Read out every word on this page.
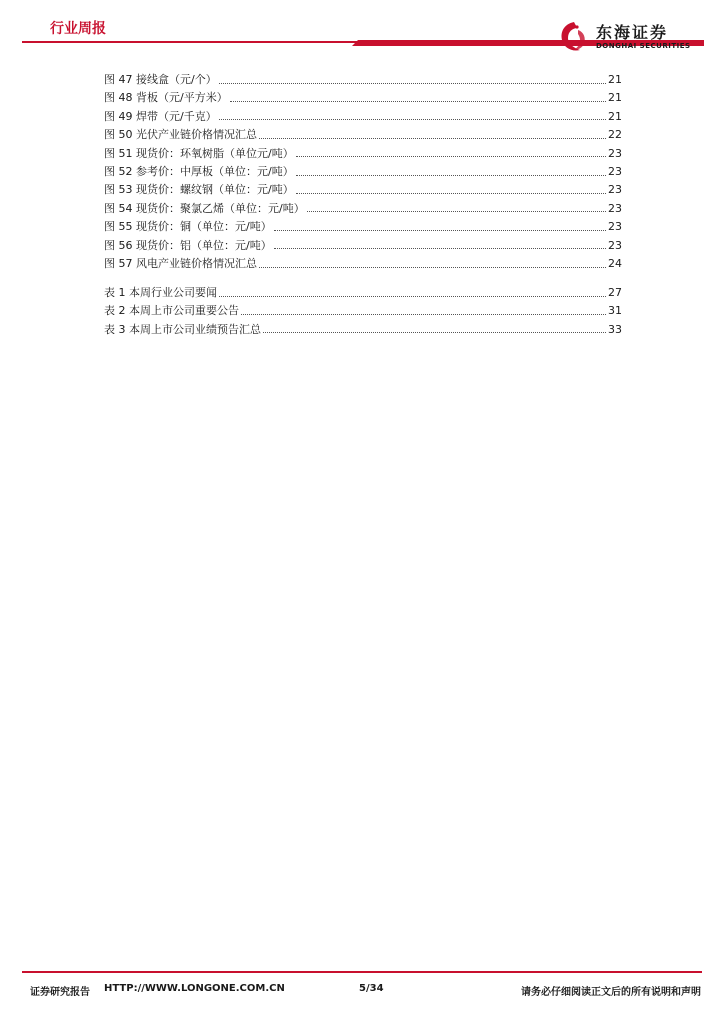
行业周报	东海证券
DONGHAI SECURITIES
图 47 接线盒（元/个）	21
图 48 背板（元/平方米）	21
图 49 焊带（元/千克）	21
图 50 光伏产业链价格情况汇总	22
图 51 现货价：环氧树脂（单位元/吨）	23
图 52 参考价：中厚板（单位：元/吨）	23
图 53 现货价：螺纹钢（单位：元/吨）	23
图 54 现货价：聚氯乙烯（单位：元/吨）	23
图 55 现货价：铜（单位：元/吨）	23
图 56 现货价：铝（单位：元/吨）	23
图 57 风电产业链价格情况汇总	24
表 1 本周行业公司要闻	27
表 2 本周上市公司重要公告	31
表 3 本周上市公司业绩预告汇总	33
证券研究报告 HTTP://WWW.LONGONE.COM.CN	5/34	请务必仔细阅读正文后的所有说明和声明
